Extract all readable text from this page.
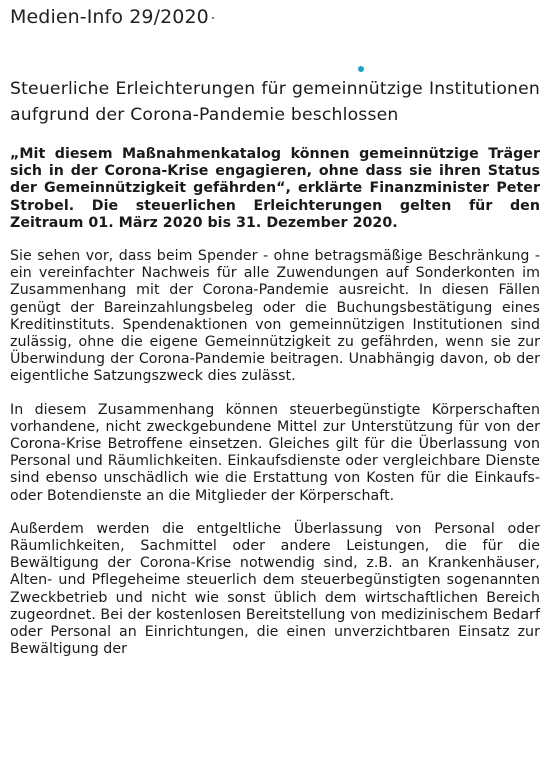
Medien-Info 29/2020
Steuerliche Erleichterungen für gemeinnützige Institutionen aufgrund der Corona-Pandemie beschlossen

„Mit diesem Maßnahmenkatalog können gemeinnützige Träger sich in der Corona-Krise engagieren, ohne dass sie ihren Status der Gemeinnützigkeit gefährden“, erklärte Finanzminister Peter Strobel. Die steuerlichen Erleichterungen gelten für den Zeitraum 01. März 2020 bis 31. Dezember 2020.

Sie sehen vor, dass beim Spender - ohne betragsmäßige Beschränkung - ein vereinfachter Nachweis für alle Zuwendungen auf Sonderkonten im Zusammenhang mit der Corona-Pandemie ausreicht. In diesen Fällen genügt der Bareinzahlungsbeleg oder die Buchungsbestätigung eines Kreditinstituts. Spendenaktionen von gemeinnützigen Institutionen sind zulässig, ohne die eigene Gemeinnützigkeit zu gefährden, wenn sie zur Überwindung der Corona-Pandemie beitragen. Unabhängig davon, ob der eigentliche Satzungszweck dies zulässt.

In diesem Zusammenhang können steuerbegünstigte Körperschaften vorhandene, nicht zweckgebundene Mittel zur Unterstützung für von der Corona-Krise Betroffene einsetzen. Gleiches gilt für die Überlassung von Personal und Räumlichkeiten. Einkaufsdienste oder vergleichbare Dienste sind ebenso unschädlich wie die Erstattung von Kosten für die Einkaufs- oder Botendienste an die Mitglieder der Körperschaft.

Außerdem werden die entgeltliche Überlassung von Personal oder Räumlichkeiten, Sachmittel oder andere Leistungen, die für die Bewältigung der Corona-Krise notwendig sind, z.B. an Krankenhäuser, Alten- und Pflegeheime steuerlich dem steuerbegünstigten sogenannten Zweckbetrieb und nicht wie sonst üblich dem wirtschaftlichen Bereich zugeordnet. Bei der kostenlosen Bereitstellung von medizinischem Bedarf oder Personal an Einrichtungen, die einen unverzichtbaren Einsatz zur Bewältigung der
